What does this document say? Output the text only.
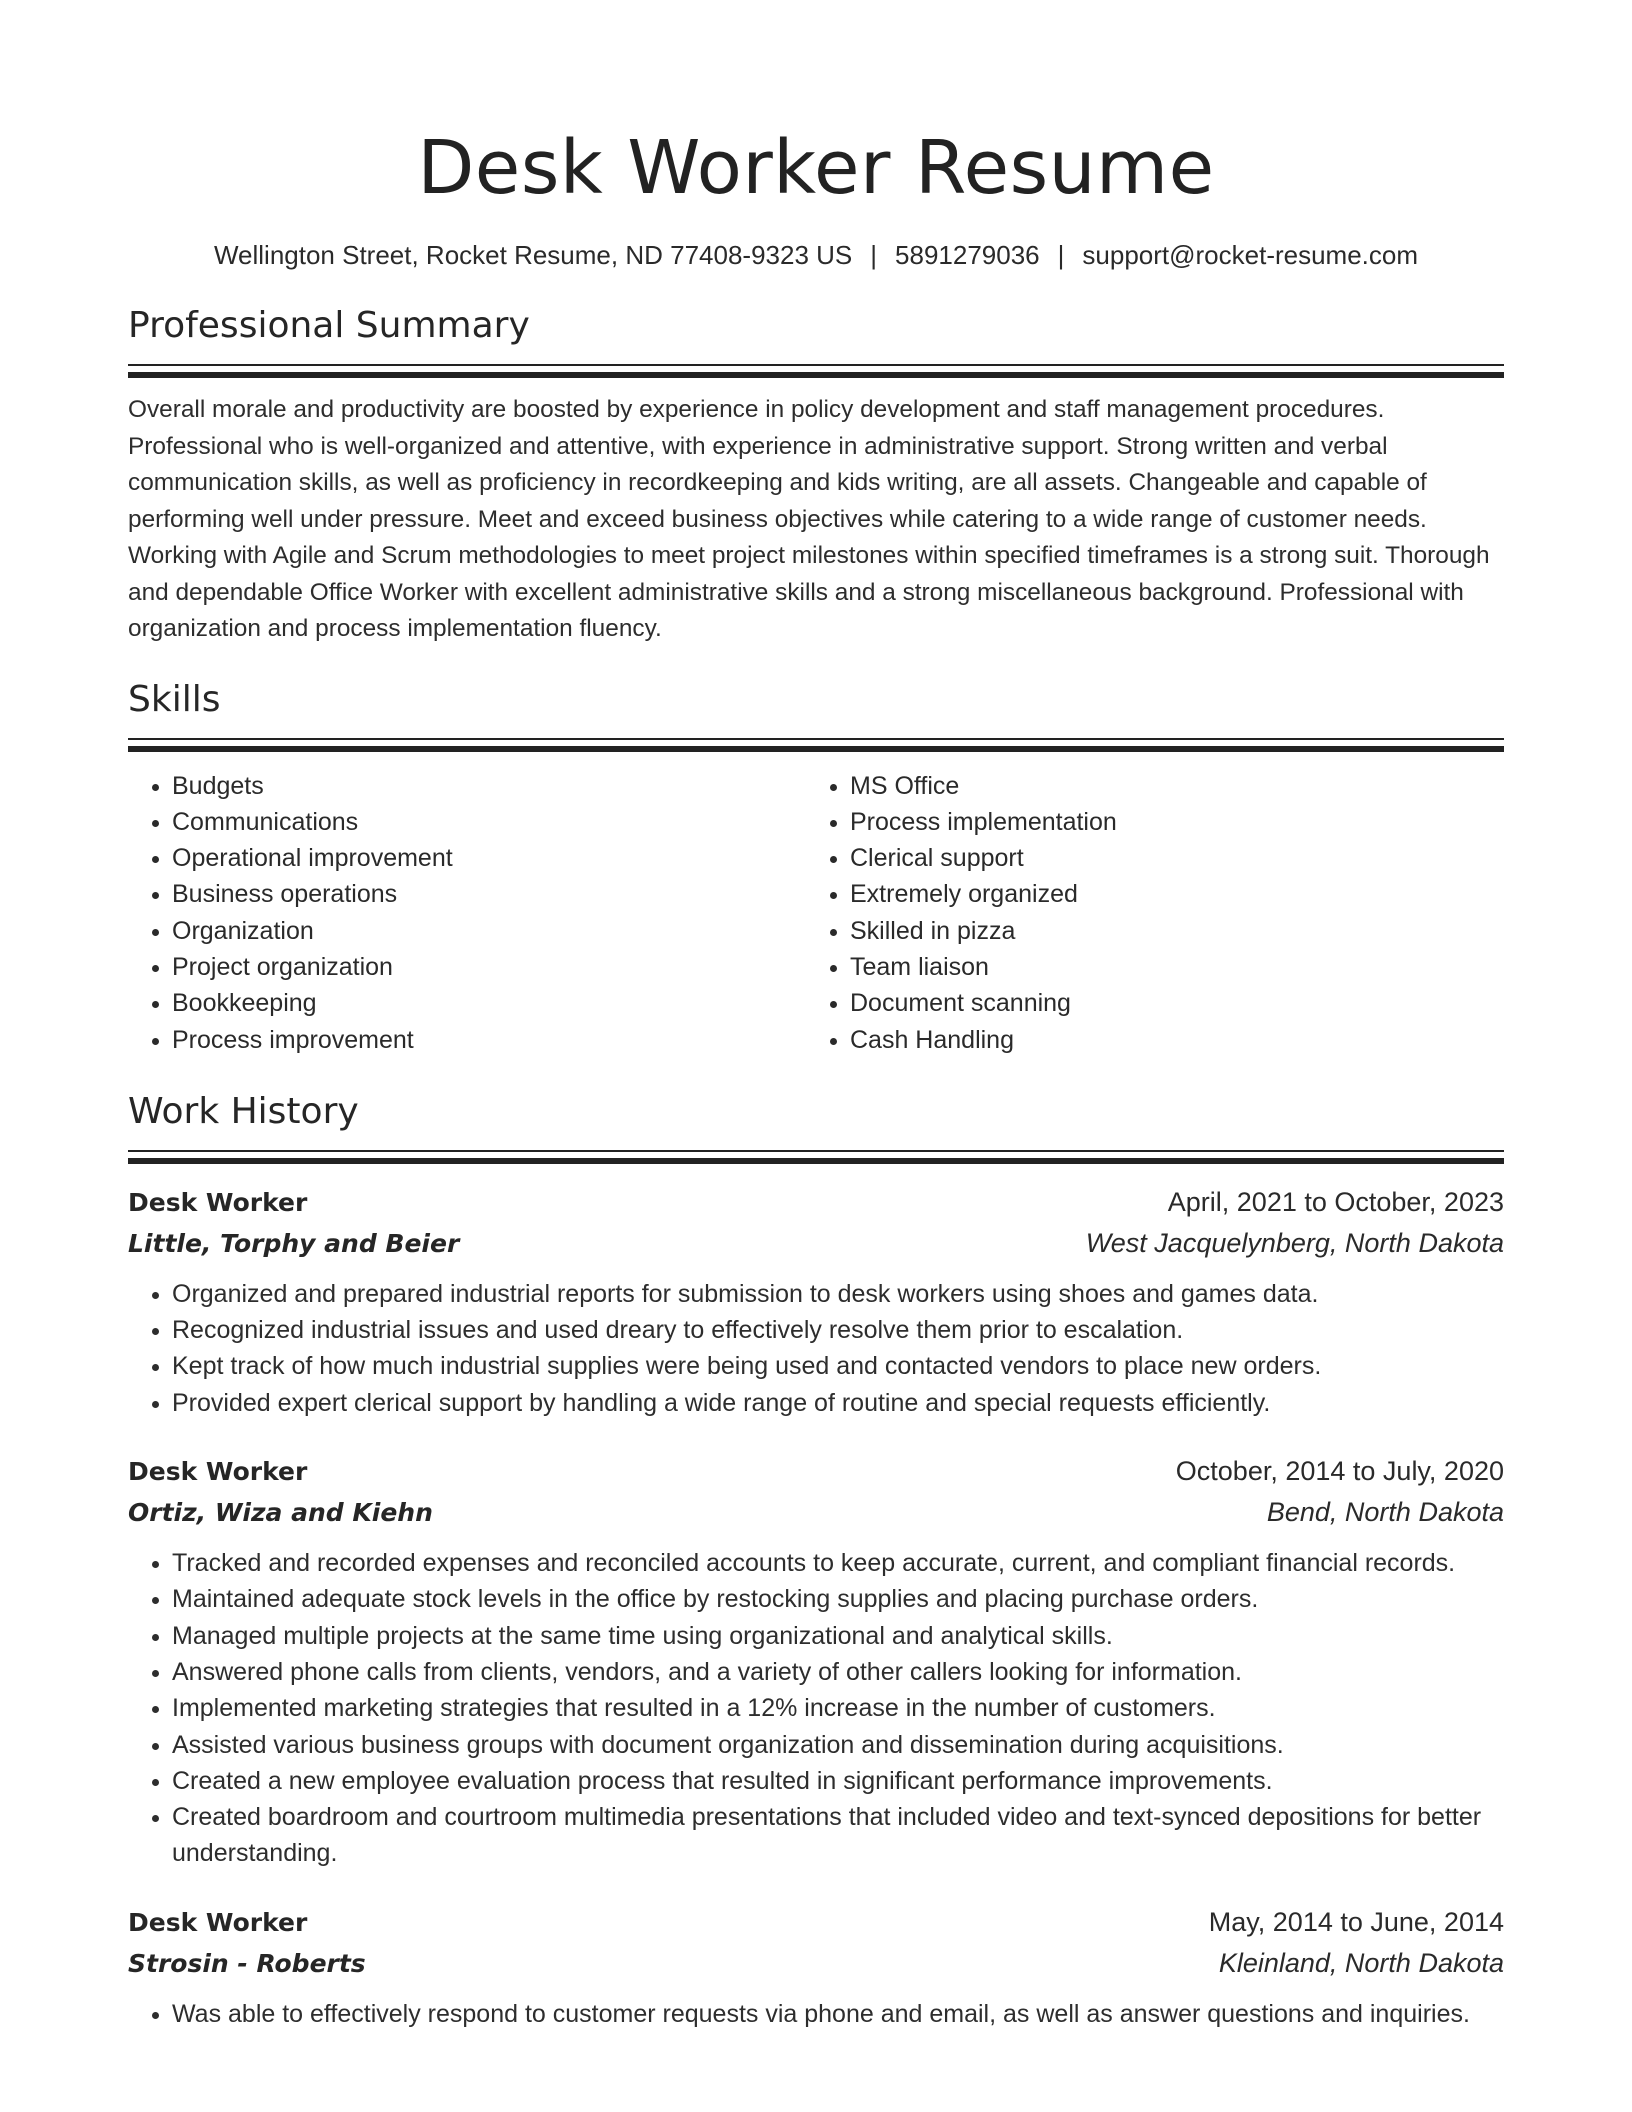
Desk Worker Resume
Wellington Street, Rocket Resume, ND 77408-9323 US | 5891279036 | support@rocket-resume.com
Professional Summary

Overall morale and productivity are boosted by experience in policy development and staff management procedures. Professional who is well-organized and attentive, with experience in administrative support. Strong written and verbal communication skills, as well as proficiency in recordkeeping and kids writing, are all assets. Changeable and capable of performing well under pressure. Meet and exceed business objectives while catering to a wide range of customer needs. Working with Agile and Scrum methodologies to meet project milestones within specified timeframes is a strong suit. Thorough and dependable Office Worker with excellent administrative skills and a strong miscellaneous background. Professional with organization and process implementation fluency.

Skills
• Budgets
• Communications
• Operational improvement
• Business operations
• Organization
• Project organization
• Bookkeeping
• Process improvement
• MS Office
• Process implementation
• Clerical support
• Extremely organized
• Skilled in pizza
• Team liaison
• Document scanning
• Cash Handling
Work History
Desk Worker	April, 2021 to October, 2023
Little, Torphy and Beier	West Jacquelynberg, North Dakota
• Organized and prepared industrial reports for submission to desk workers using shoes and games data.
• Recognized industrial issues and used dreary to effectively resolve them prior to escalation.
• Kept track of how much industrial supplies were being used and contacted vendors to place new orders.
• Provided expert clerical support by handling a wide range of routine and special requests efficiently.
Desk Worker	October, 2014 to July, 2020
Ortiz, Wiza and Kiehn	Bend, North Dakota
• Tracked and recorded expenses and reconciled accounts to keep accurate, current, and compliant financial records.
• Maintained adequate stock levels in the office by restocking supplies and placing purchase orders.
• Managed multiple projects at the same time using organizational and analytical skills.
• Answered phone calls from clients, vendors, and a variety of other callers looking for information.
• Implemented marketing strategies that resulted in a 12% increase in the number of customers.
• Assisted various business groups with document organization and dissemination during acquisitions.
• Created a new employee evaluation process that resulted in significant performance improvements.
• Created boardroom and courtroom multimedia presentations that included video and text-synced depositions for better understanding.
Desk Worker	May, 2014 to June, 2014
Strosin - Roberts	Kleinland, North Dakota
• Was able to effectively respond to customer requests via phone and email, as well as answer questions and inquiries.
